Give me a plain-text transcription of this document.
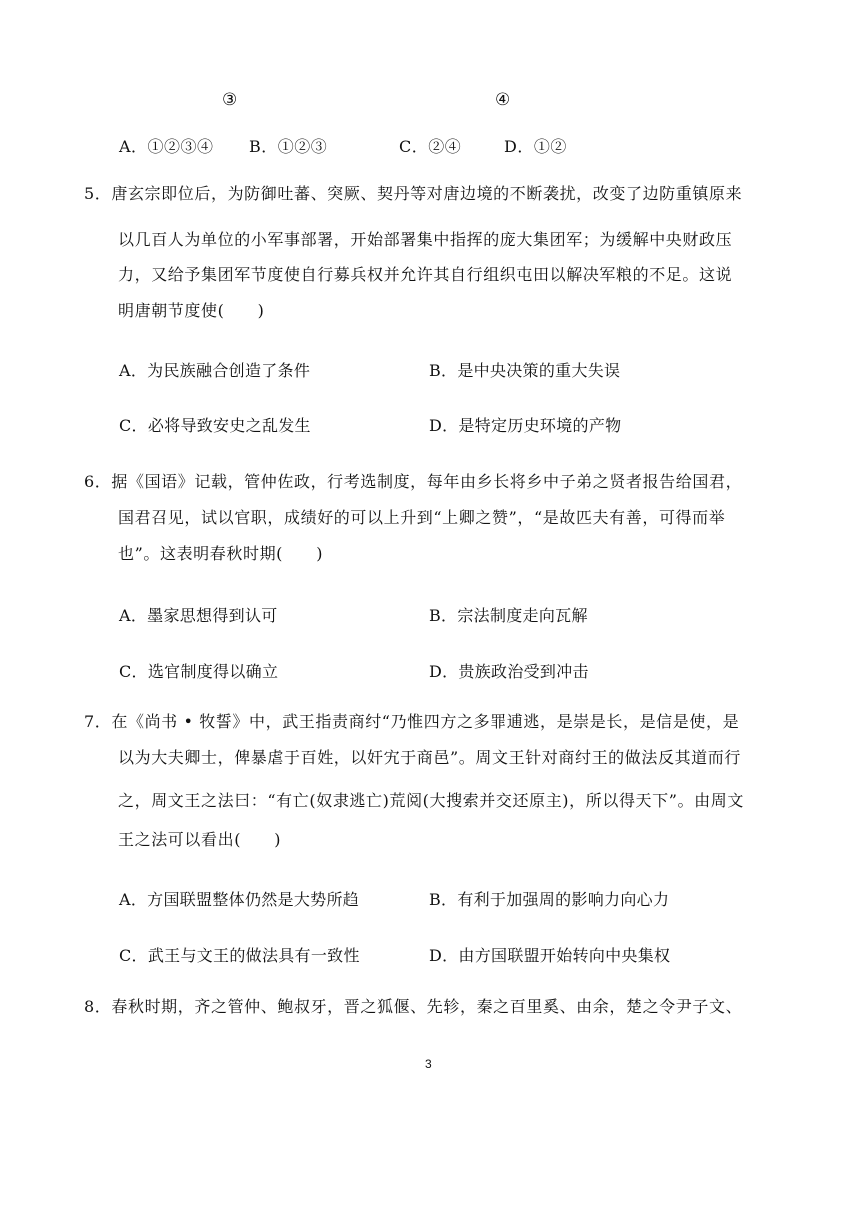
③	④
A．①②③④ B．①②③	C．②④	D．①②
5．唐玄宗即位后，为防御吐蕃、突厥、契丹等对唐边境的不断袭扰，改变了边防重镇原来
以几百人为单位的小军事部署，开始部署集中指挥的庞大集团军；为缓解中央财政压
力，又给予集团军节度使自行募兵权并允许其自行组织屯田以解决军粮的不足。这说
明唐朝节度使(　　)
A．为民族融合创造了条件	B．是中央决策的重大失误
C．必将导致安史之乱发生	D．是特定历史环境的产物
6．据《国语》记载，管仲佐政，行考选制度，每年由乡长将乡中子弟之贤者报告给国君，
国君召见，试以官职，成绩好的可以上升到“上卿之赞”，“是故匹夫有善，可得而举
也”。这表明春秋时期(　　)
A．墨家思想得到认可	B．宗法制度走向瓦解
C．选官制度得以确立	D．贵族政治受到冲击
7．在《尚书 • 牧誓》中，武王指责商纣“乃惟四方之多罪逋逃，是崇是长，是信是使，是
以为大夫卿士，俾暴虐于百姓，以奸宄于商邑”。周文王针对商纣王的做法反其道而行
之，周文王之法曰：“有亡(奴隶逃亡)荒阅(大搜索并交还原主)，所以得天下”。由周文
王之法可以看出(　　)
A．方国联盟整体仍然是大势所趋	B．有利于加强周的影响力向心力
C．武王与文王的做法具有一致性	D．由方国联盟开始转向中央集权
8．春秋时期，齐之管仲、鲍叔牙，晋之狐偃、先轸，秦之百里奚、由余，楚之令尹子文、
3
